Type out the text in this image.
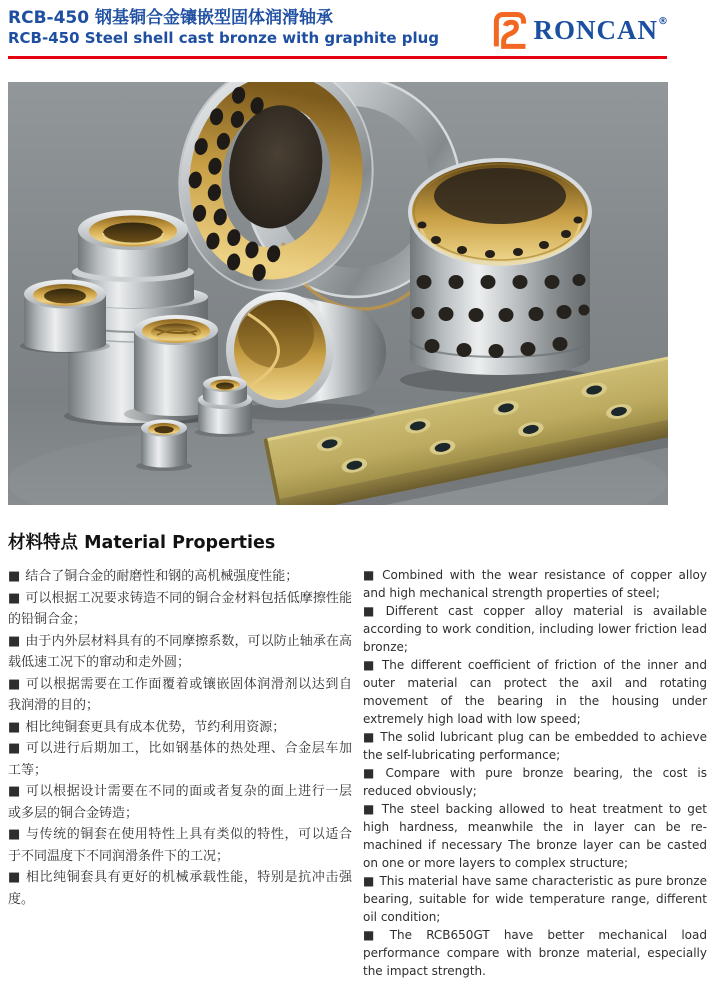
RCB-450 钢基铜合金镶嵌型固体润滑轴承
RCB-450 Steel shell cast bronze with graphite plug	RONCAN ®
材料特点 Material Properties

■ 结合了铜合金的耐磨性和钢的高机械强度性能；

■ 可以根据工况要求铸造不同的铜合金材料包括低摩擦性能的铅铜合金；

■ 由于内外层材料具有的不同摩擦系数，可以防止轴承在高载低速工况下的窜动和走外圆；

■ 可以根据需要在工作面覆着或镶嵌固体润滑剂以达到自 我润滑的目的；

■ 相比纯铜套更具有成本优势，节约利用资源；

■ 可以进行后期加工，比如钢基体的热处理、合金层车加 工等；

■ 可以根据设计需要在不同的面或者复杂的面上进行一层 或多层的铜合金铸造；

■ 与传统的铜套在使用特性上具有类似的特性，可以适合 于不同温度下不同润滑条件下的工况；

■ 相比纯铜套具有更好的机械承载性能，特别是抗冲击强度。

■ Combined with the wear resistance of copper alloy and high mechanical strength properties of steel;

■ Different cast copper alloy material is available according to work condition, including lower friction lead bronze;

■ The different coefficient of friction of the inner and outer material can protect the axil and rotating movement of the bearing in the housing under extremely high load with low speed;

■ The solid lubricant plug can be embedded to achieve the self-lubricating performance;

■ Compare with pure bronze bearing, the cost is reduced obviously;

■ The steel backing allowed to heat treatment to get high hardness, meanwhile the in layer can be re-machined if necessary The bronze layer can be casted on one or more layers to complex structure;

■ This material have same characteristic as pure bronze bearing, suitable for wide temperature range, different oil condition;

■ The RCB650GT have better mechanical load performance compare with bronze material, especially the impact strength.
